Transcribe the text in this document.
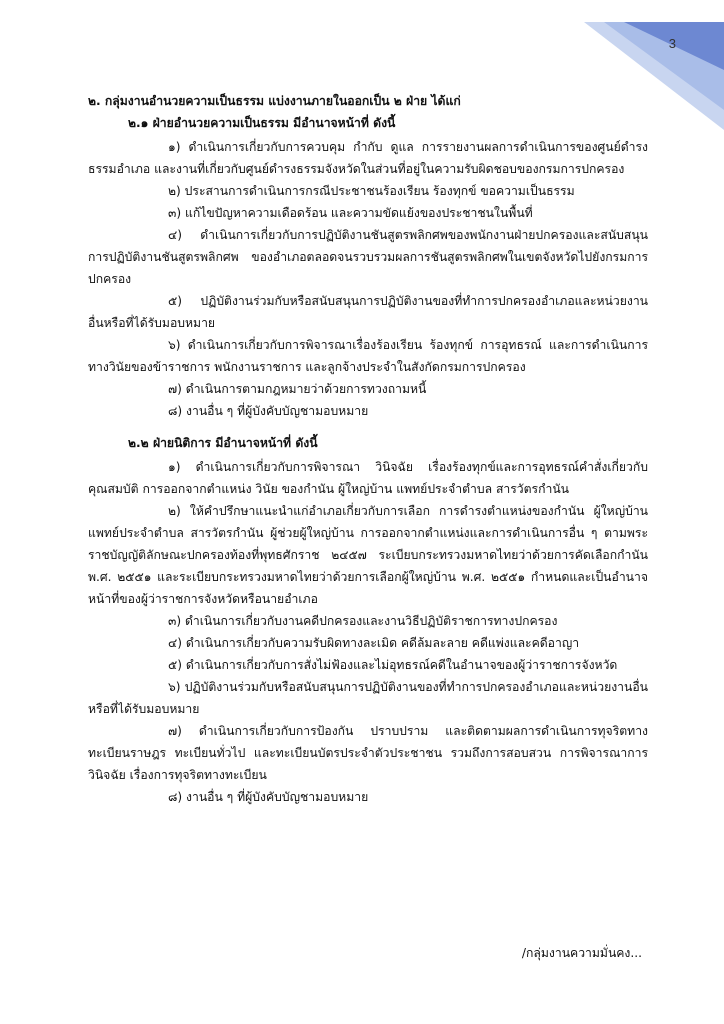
3

๒. กลุ่มงานอำนวยความเป็นธรรม แบ่งงานภายในออกเป็น ๒ ฝ่าย ได้แก่

๒.๑ ฝ่ายอำนวยความเป็นธรรม มีอำนาจหน้าที่ ดังนี้

๑) ดำเนินการเกี่ยวกับการควบคุม กำกับ ดูแล การรายงานผลการดำเนินการของศูนย์ดำรงธรรมอำเภอ และงานที่เกี่ยวกับศูนย์ดำรงธรรมจังหวัดในส่วนที่อยู่ในความรับผิดชอบของกรมการปกครอง

๒) ประสานการดำเนินการกรณีประชาชนร้องเรียน ร้องทุกข์ ขอความเป็นธรรม

๓) แก้ไขปัญหาความเดือดร้อน และความขัดแย้งของประชาชนในพื้นที่

๔) ดำเนินการเกี่ยวกับการปฏิบัติงานชันสูตรพลิกศพของพนักงานฝ่ายปกครองและสนับสนุนการปฏิบัติงานชันสูตรพลิกศพ ของอำเภอตลอดจนรวบรวมผลการชันสูตรพลิกศพในเขตจังหวัดไปยังกรมการปกครอง

๕) ปฏิบัติงานร่วมกับหรือสนับสนุนการปฏิบัติงานของที่ทำการปกครองอำเภอและหน่วยงานอื่นหรือที่ได้รับมอบหมาย

๖) ดำเนินการเกี่ยวกับการพิจารณาเรื่องร้องเรียน ร้องทุกข์ การอุทธรณ์ และการดำเนินการทางวินัยของข้าราชการ พนักงานราชการ และลูกจ้างประจำในสังกัดกรมการปกครอง

๗) ดำเนินการตามกฎหมายว่าด้วยการทวงถามหนี้

๘) งานอื่น ๆ ที่ผู้บังคับบัญชามอบหมาย

๒.๒ ฝ่ายนิติการ มีอำนาจหน้าที่ ดังนี้

๑) ดำเนินการเกี่ยวกับการพิจารณา วินิจฉัย เรื่องร้องทุกข์และการอุทธรณ์คำสั่งเกี่ยวกับคุณสมบัติ การออกจากตำแหน่ง วินัย ของกำนัน ผู้ใหญ่บ้าน แพทย์ประจำตำบล สารวัตรกำนัน

๒) ให้คำปรึกษาแนะนำแก่อำเภอเกี่ยวกับการเลือก การดำรงตำแหน่งของกำนัน ผู้ใหญ่บ้าน แพทย์ประจำตำบล สารวัตรกำนัน ผู้ช่วยผู้ใหญ่บ้าน การออกจากตำแหน่งและการดำเนินการอื่น ๆ ตามพระราชบัญญัติลักษณะปกครองท้องที่พุทธศักราช ๒๔๕๗ ระเบียบกระทรวงมหาดไทยว่าด้วยการคัดเลือกกำนัน พ.ศ. ๒๕๕๑ และระเบียบกระทรวงมหาดไทยว่าด้วยการเลือกผู้ใหญ่บ้าน พ.ศ. ๒๕๕๑ กำหนดและเป็นอำนาจหน้าที่ของผู้ว่าราชการจังหวัดหรือนายอำเภอ

๓) ดำเนินการเกี่ยวกับงานคดีปกครองและงานวิธีปฏิบัติราชการทางปกครอง

๔) ดำเนินการเกี่ยวกับความรับผิดทางละเมิด คดีล้มละลาย คดีแพ่งและคดีอาญา

๕) ดำเนินการเกี่ยวกับการสั่งไม่ฟ้องและไม่อุทธรณ์คดีในอำนาจของผู้ว่าราชการจังหวัด

๖) ปฏิบัติงานร่วมกับหรือสนับสนุนการปฏิบัติงานของที่ทำการปกครองอำเภอและหน่วยงานอื่นหรือที่ได้รับมอบหมาย

๗) ดำเนินการเกี่ยวกับการป้องกัน ปราบปราม และติดตามผลการดำเนินการทุจริตทางทะเบียนราษฎร ทะเบียนทั่วไป และทะเบียนบัตรประจำตัวประชาชน รวมถึงการสอบสวน การพิจารณาการวินิจฉัย เรื่องการทุจริตทางทะเบียน

๘) งานอื่น ๆ ที่ผู้บังคับบัญชามอบหมาย

/กลุ่มงานความมั่นคง...
